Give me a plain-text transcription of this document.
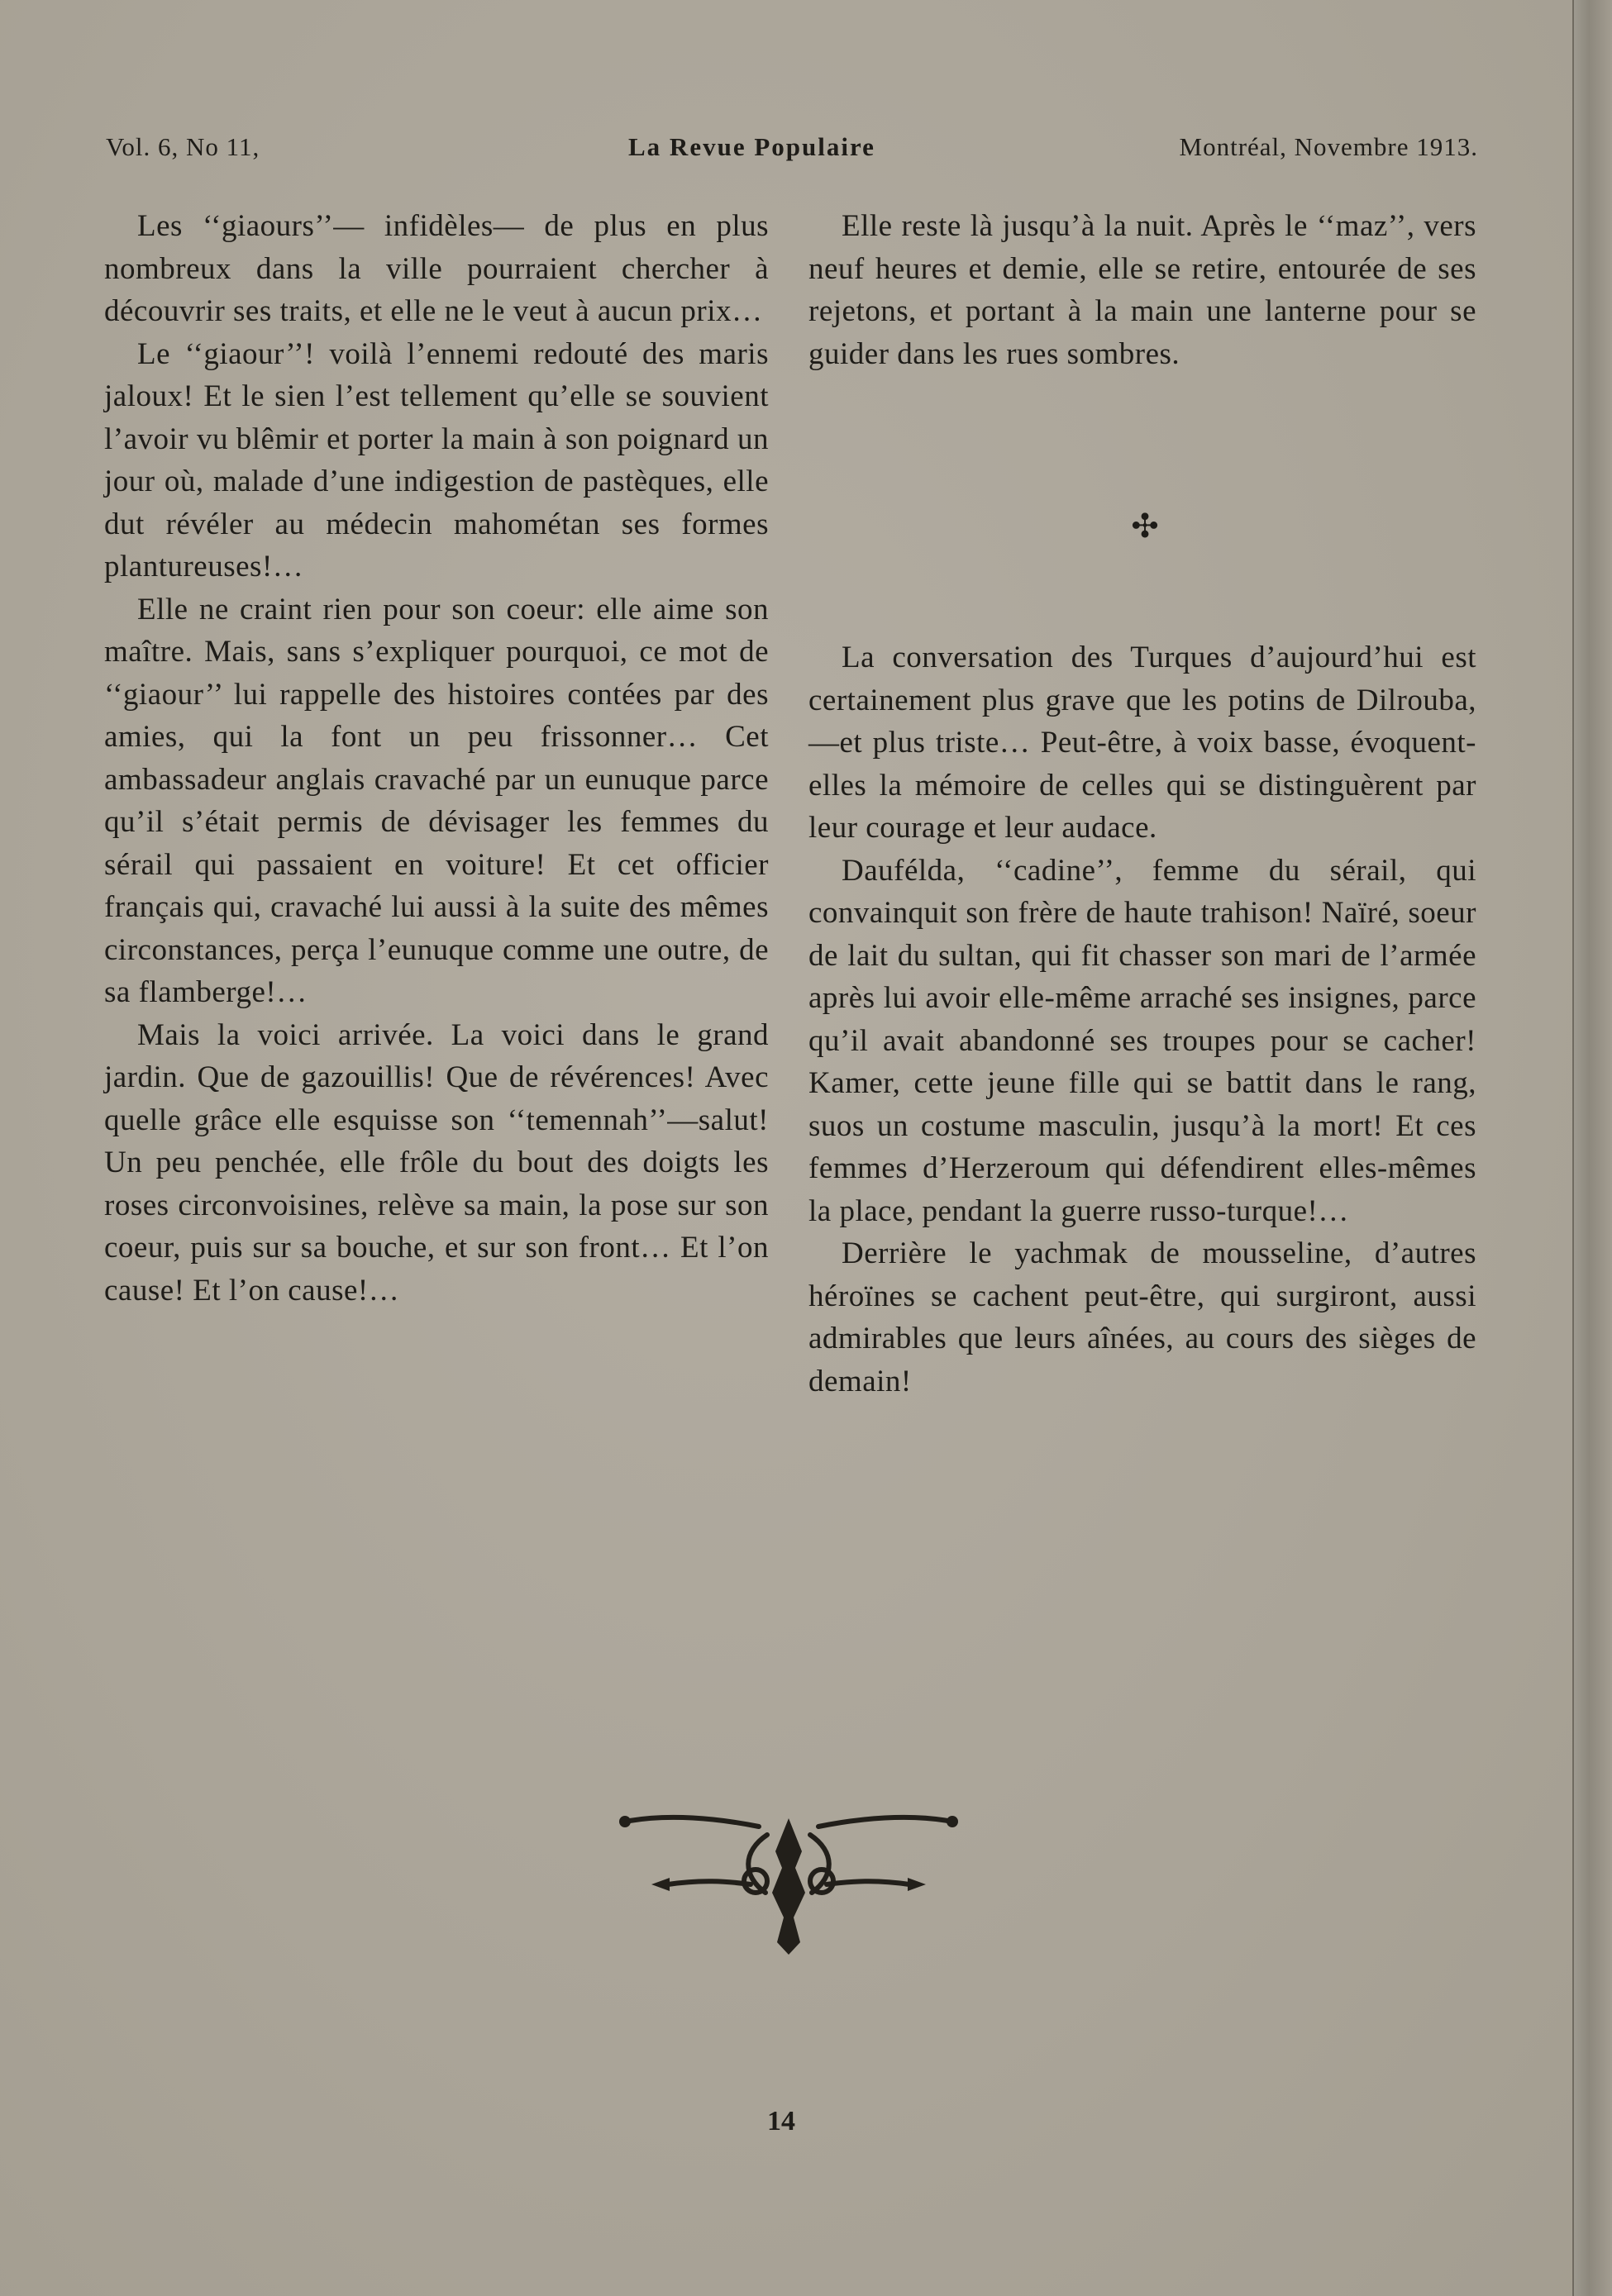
Vol. 6, No 11,	La Revue Populaire	Montréal, Novembre 1913.

Les ‘‘giaours’’— infidèles— de plus en plus nombreux dans la ville pourraient chercher à découvrir ses traits, et elle ne le veut à aucun prix…

Le ‘‘giaour’’! voilà l’ennemi redouté des maris jaloux! Et le sien l’est tellement qu’elle se souvient l’avoir vu blêmir et porter la main à son poignard un jour où, malade d’une indigestion de pastèques, elle dut révéler au médecin mahométan ses formes plantureuses!…

Elle ne craint rien pour son coeur: elle aime son maître. Mais, sans s’expliquer pourquoi, ce mot de ‘‘giaour’’ lui rappelle des histoires contées par des amies, qui la font un peu frissonner… Cet ambassadeur anglais cravaché par un eunuque parce qu’il s’était permis de dévisager les femmes du sérail qui passaient en voiture! Et cet officier français qui, cravaché lui aussi à la suite des mêmes circonstances, perça l’eunuque comme une outre, de sa flamberge!…

Mais la voici arrivée. La voici dans le grand jardin. Que de gazouillis! Que de révérences! Avec quelle grâce elle esquisse son ‘‘temennah’’—salut! Un peu penchée, elle frôle du bout des doigts les roses circonvoisines, relève sa main, la pose sur son coeur, puis sur sa bouche, et sur son front… Et l’on cause! Et l’on cause!…

Elle reste là jusqu’à la nuit. Après le ‘‘maz’’, vers neuf heures et demie, elle se retire, entourée de ses rejetons, et portant à la main une lanterne pour se guider dans les rues sombres.

✣

La conversation des Turques d’aujourd’hui est certainement plus grave que les potins de Dilrouba,—et plus triste… Peut-être, à voix basse, évoquent-elles la mémoire de celles qui se distinguèrent par leur courage et leur audace.

Daufélda, ‘‘cadine’’, femme du sérail, qui convainquit son frère de haute trahison! Naïré, soeur de lait du sultan, qui fit chasser son mari de l’armée après lui avoir elle-même arraché ses insignes, parce qu’il avait abandonné ses troupes pour se cacher! Kamer, cette jeune fille qui se battit dans le rang, suos un costume masculin, jusqu’à la mort! Et ces femmes d’Herzeroum qui défendirent elles-mêmes la place, pendant la guerre russo-turque!…

Derrière le yachmak de mousseline, d’autres héroïnes se cachent peut-être, qui surgiront, aussi admirables que leurs aînées, au cours des sièges de demain!

14
